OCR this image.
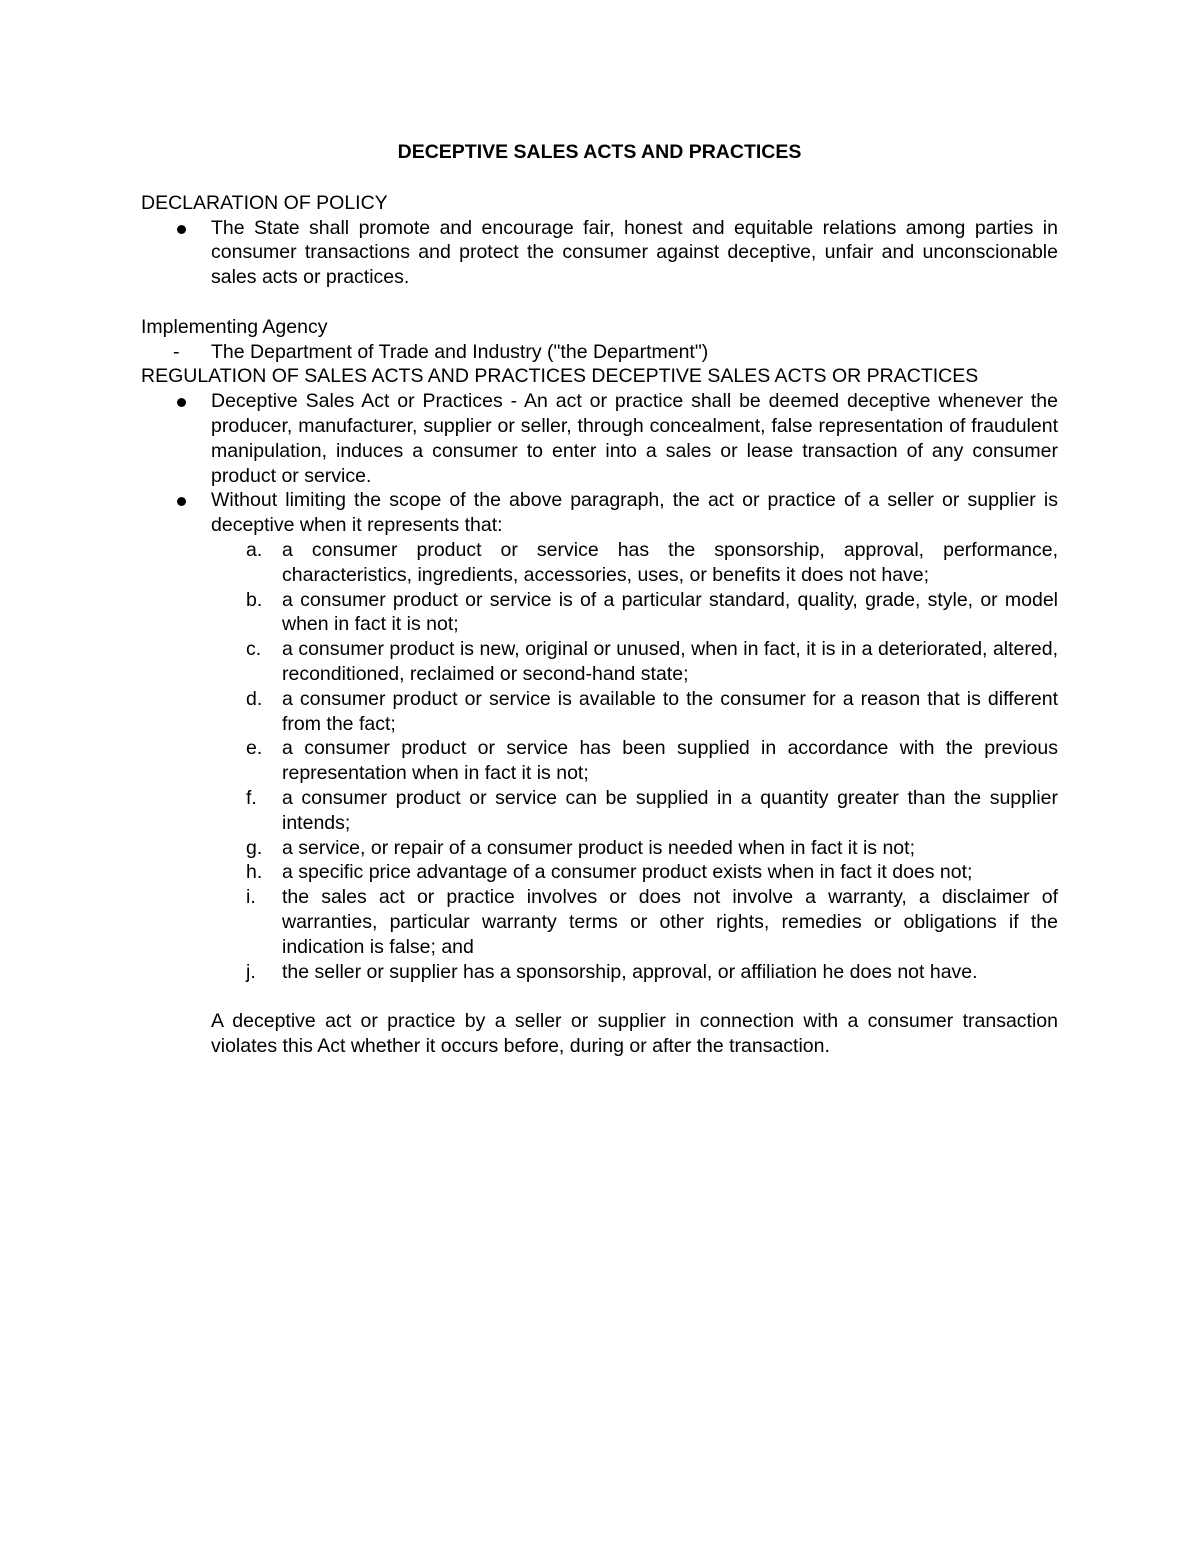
DECEPTIVE SALES ACTS AND PRACTICES

DECLARATION OF POLICY

The State shall promote and encourage fair, honest and equitable relations among parties in consumer transactions and protect the consumer against deceptive, unfair and unconscionable sales acts or practices.

Implementing Agency

- The Department of Trade and Industry ("the Department")

REGULATION OF SALES ACTS AND PRACTICES DECEPTIVE SALES ACTS OR PRACTICES

Deceptive Sales Act or Practices - An act or practice shall be deemed deceptive whenever the producer, manufacturer, supplier or seller, through concealment, false representation of fraudulent manipulation, induces a consumer to enter into a sales or lease transaction of any consumer product or service.
Without limiting the scope of the above paragraph, the act or practice of a seller or supplier is deceptive when it represents that:
a. a consumer product or service has the sponsorship, approval, performance, characteristics, ingredients, accessories, uses, or benefits it does not have;
b. a consumer product or service is of a particular standard, quality, grade, style, or model when in fact it is not;
c. a consumer product is new, original or unused, when in fact, it is in a deteriorated, altered, reconditioned, reclaimed or second-hand state;
d. a consumer product or service is available to the consumer for a reason that is different from the fact;
e. a consumer product or service has been supplied in accordance with the previous representation when in fact it is not;
f. a consumer product or service can be supplied in a quantity greater than the supplier intends;
g. a service, or repair of a consumer product is needed when in fact it is not;
h. a specific price advantage of a consumer product exists when in fact it does not;
i. the sales act or practice involves or does not involve a warranty, a disclaimer of warranties, particular warranty terms or other rights, remedies or obligations if the indication is false; and
j. the seller or supplier has a sponsorship, approval, or affiliation he does not have.

A deceptive act or practice by a seller or supplier in connection with a consumer transaction violates this Act whether it occurs before, during or after the transaction.
